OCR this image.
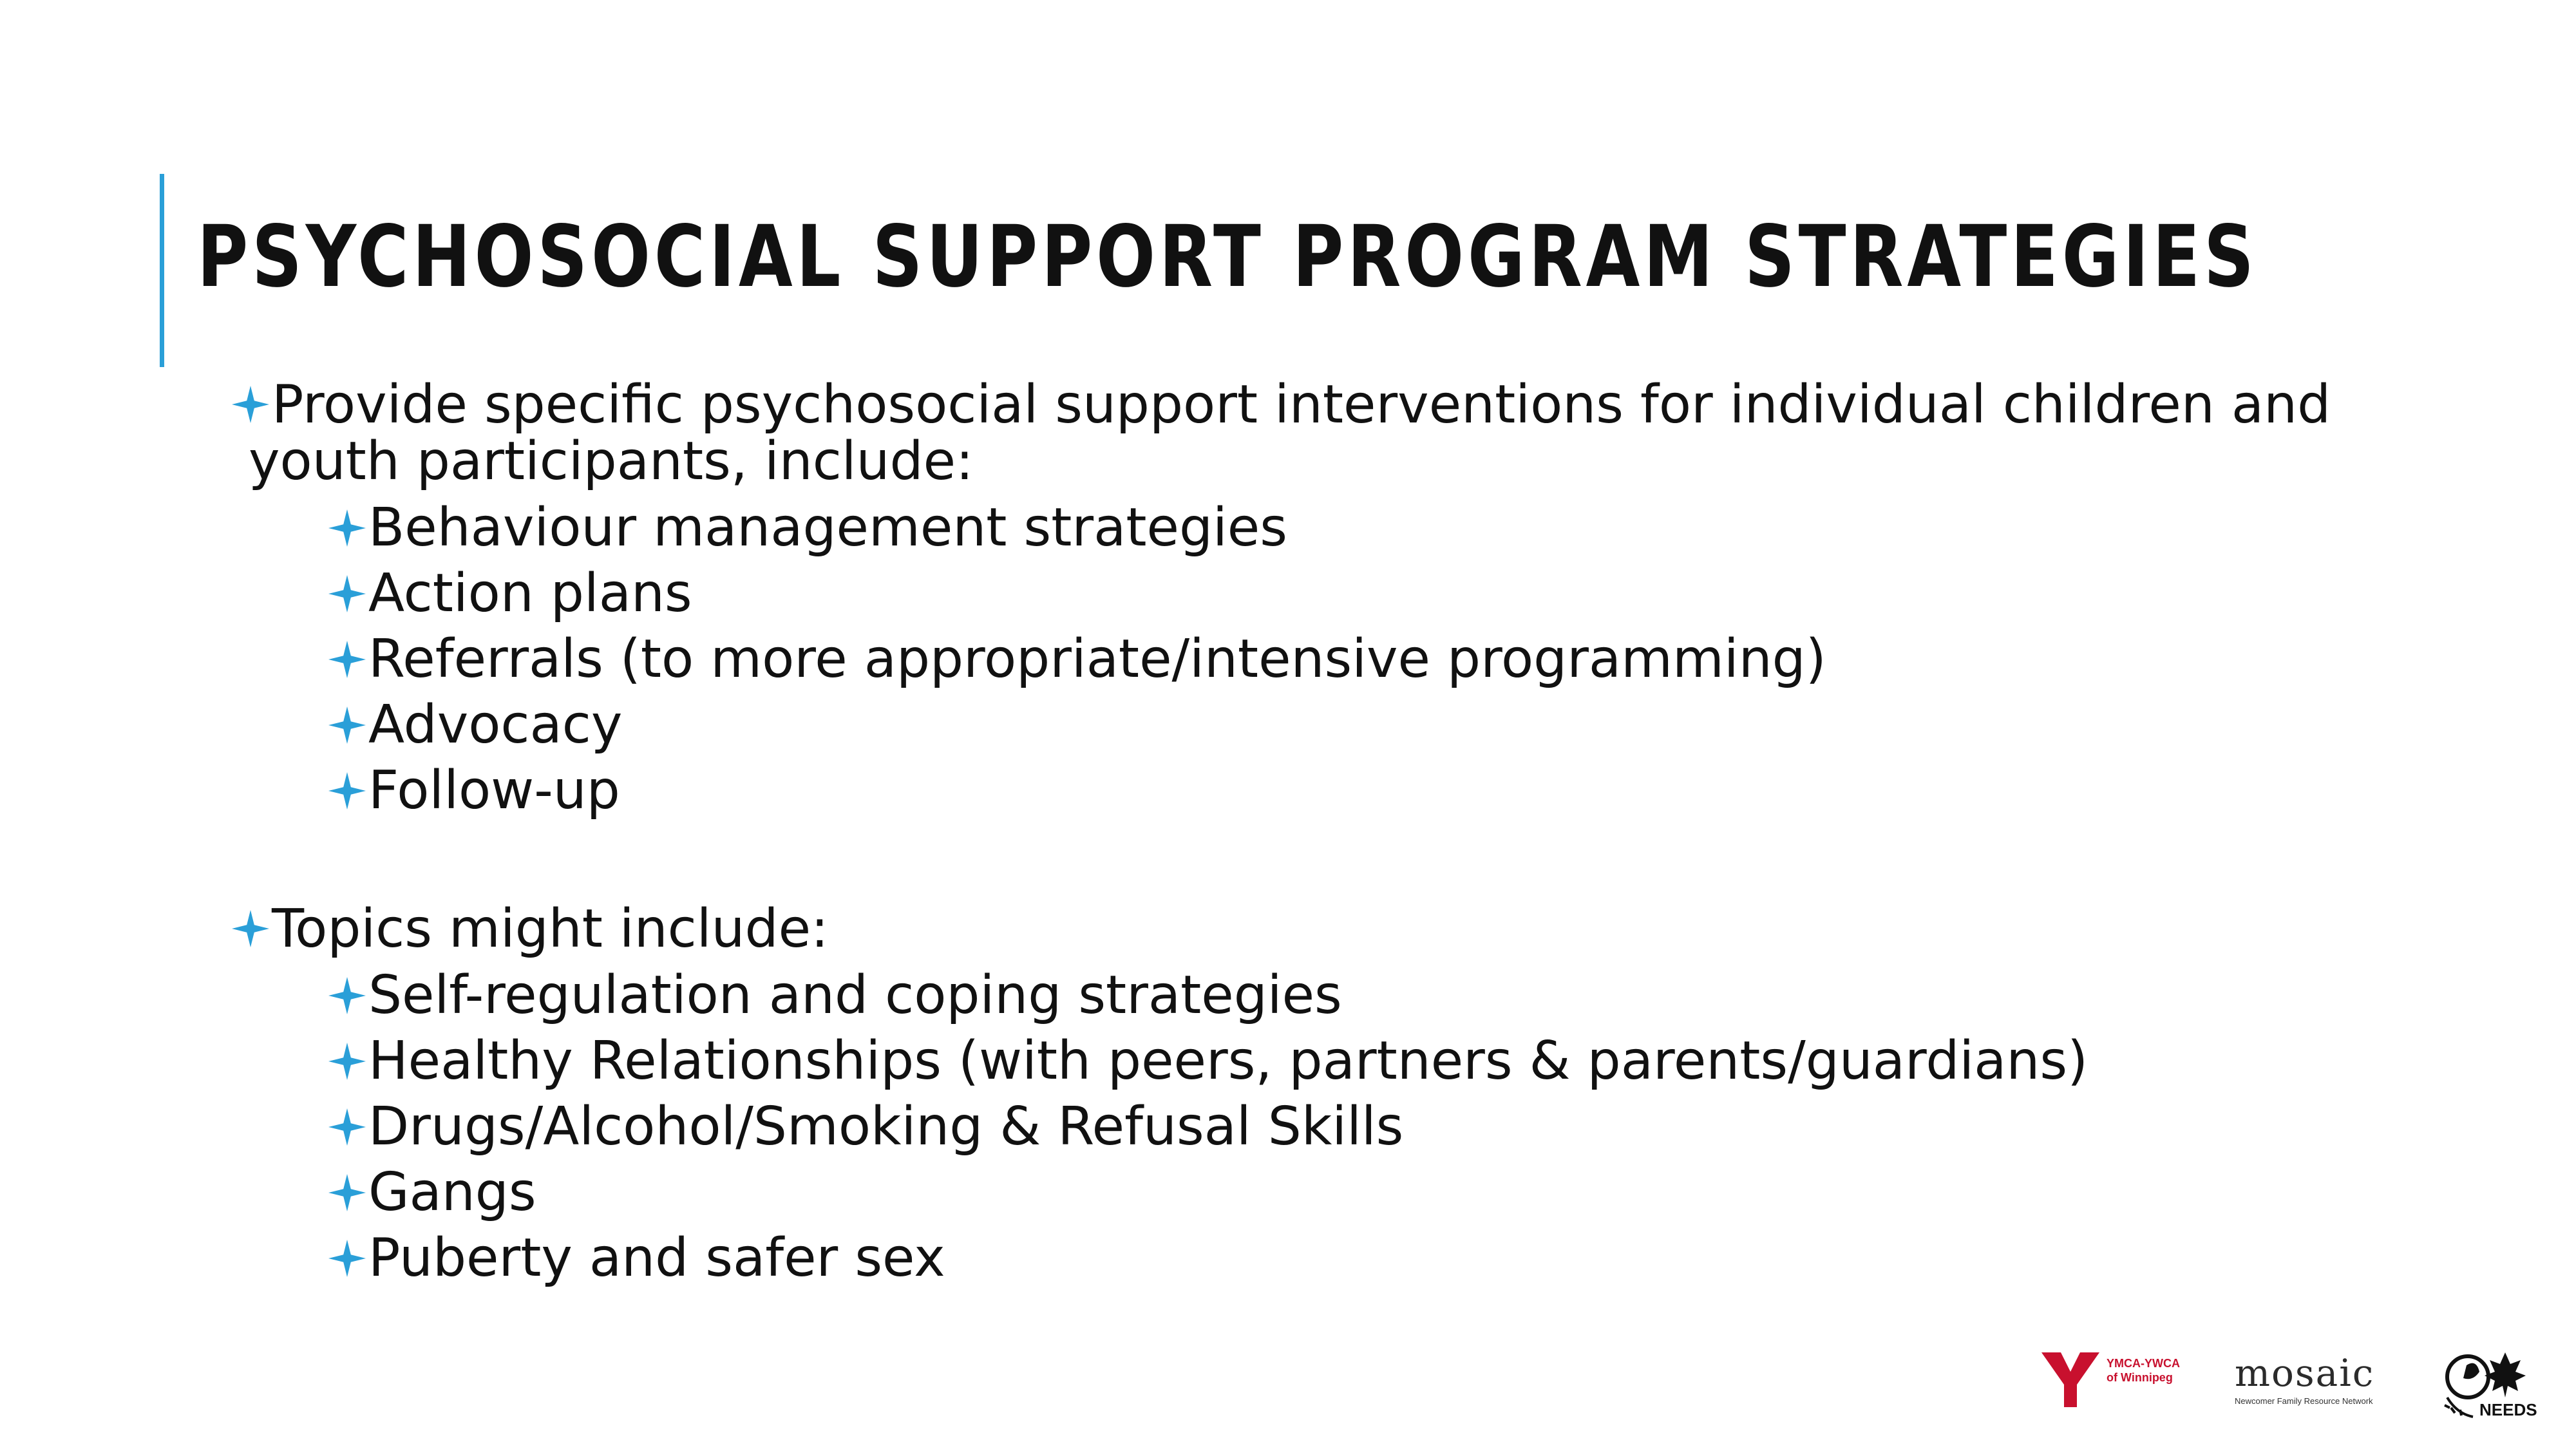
PSYCHOSOCIAL SUPPORT PROGRAM STRATEGIES
Provide specific psychosocial support interventions for individual children and
youth participants, include:
Behaviour management strategies
Action plans
Referrals (to more appropriate/intensive programming)
Advocacy
Follow-up
Topics might include:
Self-regulation and coping strategies
Healthy Relationships (with peers, partners & parents/guardians)
Drugs/Alcohol/Smoking & Refusal Skills
Gangs
Puberty and safer sex
YMCA-YWCA
of Winnipeg mosaic
Newcomer Family Resource Network	NEEDS
